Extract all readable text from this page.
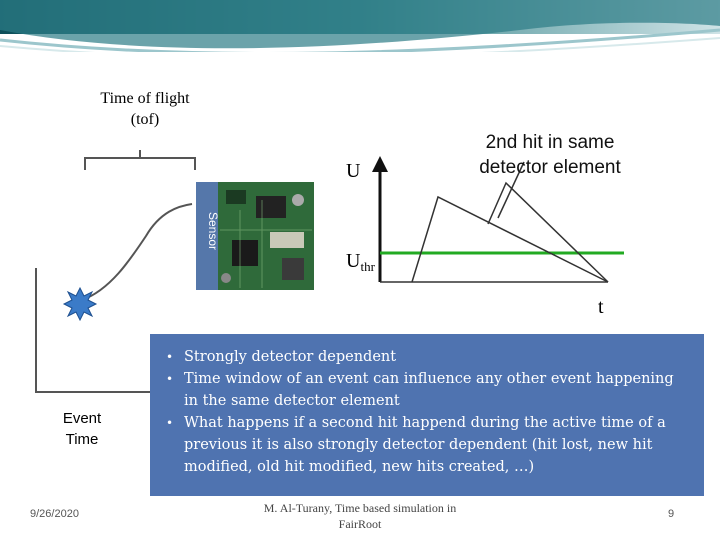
Time of flight
(tof)
Sensor
2nd hit in same
detector element
U
$U_{thr}$
t
Event
Time
• Strongly detector dependent
• Time window of an event can influence any other event happening in the same detector element
• What happens if a second hit happend during the active time of a previous it is also strongly detector dependent (hit lost, new hit modified, old hit modified, new hits created, …)
9/26/2020	M. Al-Turany, Time based simulation in
FairRoot
9
